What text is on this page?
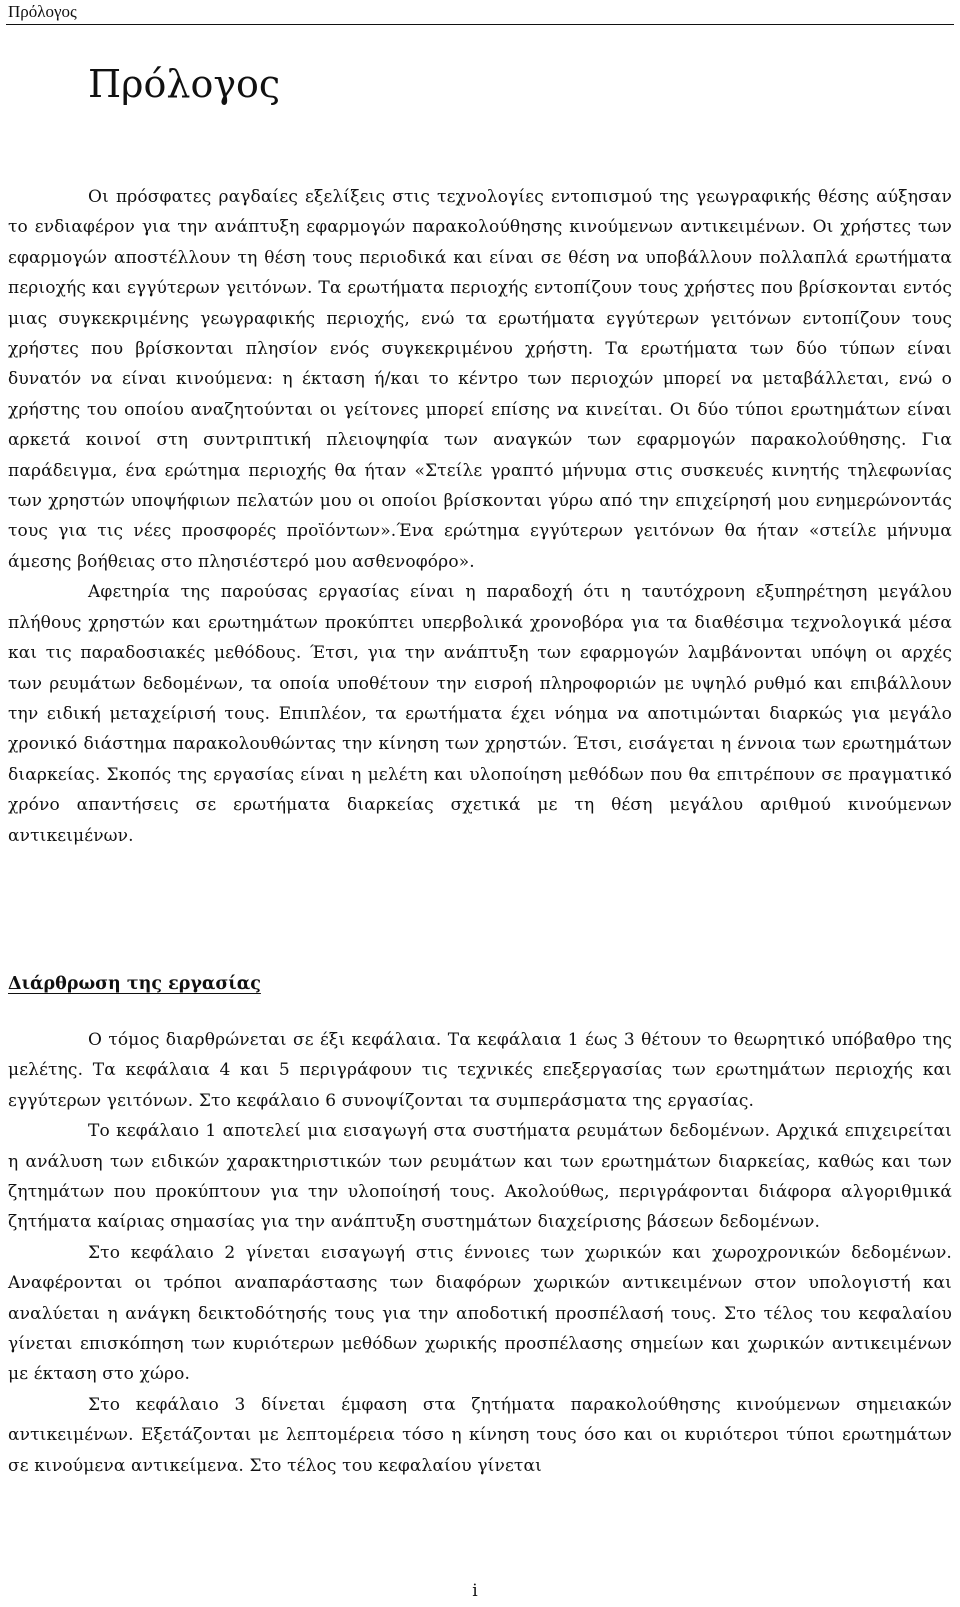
Πρόλογος
Πρόλογος

Οι πρόσφατες ραγδαίες εξελίξεις στις τεχνολογίες εντοπισμού της γεωγραφικής θέσης αύξησαν το ενδιαφέρον για την ανάπτυξη εφαρμογών παρακολούθησης κινούμενων αντικειμένων. Οι χρήστες των εφαρμογών αποστέλλουν τη θέση τους περιοδικά και είναι σε θέση να υποβάλλουν πολλαπλά ερωτήματα περιοχής και εγγύτερων γειτόνων. Τα ερωτήματα περιοχής εντοπίζουν τους χρήστες που βρίσκονται εντός μιας συγκεκριμένης γεωγραφικής περιοχής, ενώ τα ερωτήματα εγγύτερων γειτόνων εντοπίζουν τους χρήστες που βρίσκονται πλησίον ενός συγκεκριμένου χρήστη. Τα ερωτήματα των δύο τύπων είναι δυνατόν να είναι κινούμενα: η έκταση ή/και το κέντρο των περιοχών μπορεί να μεταβάλλεται, ενώ ο χρήστης του οποίου αναζητούνται οι γείτονες μπορεί επίσης να κινείται. Οι δύο τύποι ερωτημάτων είναι αρκετά κοινοί στη συντριπτική πλειοψηφία των αναγκών των εφαρμογών παρακολούθησης. Για παράδειγμα, ένα ερώτημα περιοχής θα ήταν «Στείλε γραπτό μήνυμα στις συσκευές κινητής τηλεφωνίας των χρηστών υποψήφιων πελατών μου οι οποίοι βρίσκονται γύρω από την επιχείρησή μου ενημερώνοντάς τους για τις νέες προσφορές προϊόντων».Ένα ερώτημα εγγύτερων γειτόνων θα ήταν «στείλε μήνυμα άμεσης βοήθειας στο πλησιέστερό μου ασθενοφόρο».

Αφετηρία της παρούσας εργασίας είναι η παραδοχή ότι η ταυτόχρονη εξυπηρέτηση μεγάλου πλήθους χρηστών και ερωτημάτων προκύπτει υπερβολικά χρονοβόρα για τα διαθέσιμα τεχνολογικά μέσα και τις παραδοσιακές μεθόδους. Έτσι, για την ανάπτυξη των εφαρμογών λαμβάνονται υπόψη οι αρχές των ρευμάτων δεδομένων, τα οποία υποθέτουν την εισροή πληροφοριών με υψηλό ρυθμό και επιβάλλουν την ειδική μεταχείρισή τους. Επιπλέον, τα ερωτήματα έχει νόημα να αποτιμώνται διαρκώς για μεγάλο χρονικό διάστημα παρακολουθώντας την κίνηση των χρηστών. Έτσι, εισάγεται η έννοια των ερωτημάτων διαρκείας. Σκοπός της εργασίας είναι η μελέτη και υλοποίηση μεθόδων που θα επιτρέπουν σε πραγματικό χρόνο απαντήσεις σε ερωτήματα διαρκείας σχετικά με τη θέση μεγάλου αριθμού κινούμενων αντικειμένων.

Διάρθρωση της εργασίας

Ο τόμος διαρθρώνεται σε έξι κεφάλαια. Τα κεφάλαια 1 έως 3 θέτουν το θεωρητικό υπόβαθρο της μελέτης. Τα κεφάλαια 4 και 5 περιγράφουν τις τεχνικές επεξεργασίας των ερωτημάτων περιοχής και εγγύτερων γειτόνων. Στο κεφάλαιο 6 συνοψίζονται τα συμπεράσματα της εργασίας.

Το κεφάλαιο 1 αποτελεί μια εισαγωγή στα συστήματα ρευμάτων δεδομένων. Αρχικά επιχειρείται η ανάλυση των ειδικών χαρακτηριστικών των ρευμάτων και των ερωτημάτων διαρκείας, καθώς και των ζητημάτων που προκύπτουν για την υλοποίησή τους. Ακολούθως, περιγράφονται διάφορα αλγοριθμικά ζητήματα καίριας σημασίας για την ανάπτυξη συστημάτων διαχείρισης βάσεων δεδομένων.

Στο κεφάλαιο 2 γίνεται εισαγωγή στις έννοιες των χωρικών και χωροχρονικών δεδομένων. Αναφέρονται οι τρόποι αναπαράστασης των διαφόρων χωρικών αντικειμένων στον υπολογιστή και αναλύεται η ανάγκη δεικτοδότησής τους για την αποδοτική προσπέλασή τους. Στο τέλος του κεφαλαίου γίνεται επισκόπηση των κυριότερων μεθόδων χωρικής προσπέλασης σημείων και χωρικών αντικειμένων με έκταση στο χώρο.

Στο κεφάλαιο 3 δίνεται έμφαση στα ζητήματα παρακολούθησης κινούμενων σημειακών αντικειμένων. Εξετάζονται με λεπτομέρεια τόσο η κίνηση τους όσο και οι κυριότεροι τύποι ερωτημάτων σε κινούμενα αντικείμενα. Στο τέλος του κεφαλαίου γίνεται

i
